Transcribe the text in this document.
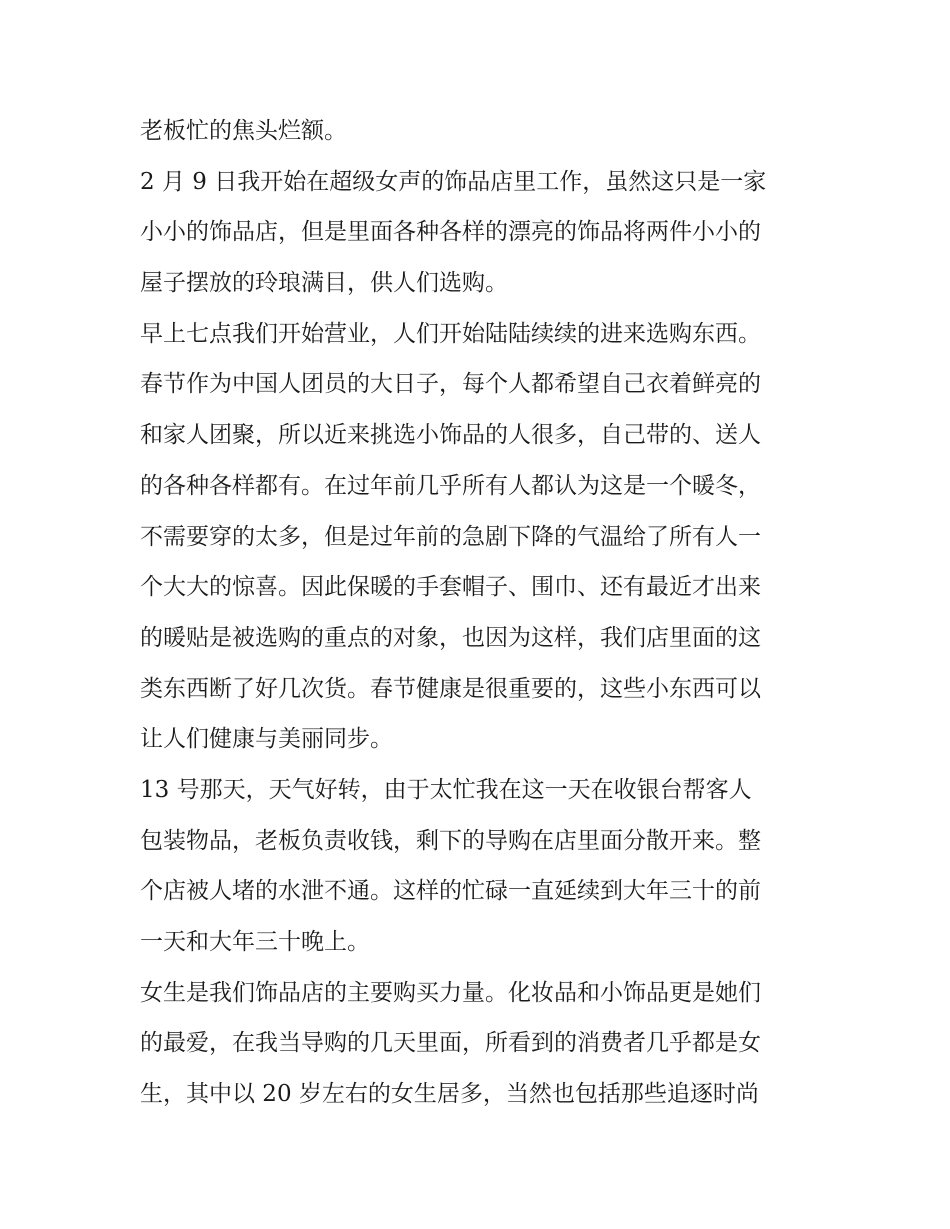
老板忙的焦头烂额。
2 月 9 日我开始在超级女声的饰品店里工作，虽然这只是一家
小小的饰品店，但是里面各种各样的漂亮的饰品将两件小小的
屋子摆放的玲琅满目，供人们选购。
早上七点我们开始营业，人们开始陆陆续续的进来选购东西。
春节作为中国人团员的大日子，每个人都希望自己衣着鲜亮的
和家人团聚，所以近来挑选小饰品的人很多，自己带的、送人
的各种各样都有。在过年前几乎所有人都认为这是一个暖冬，
不需要穿的太多，但是过年前的急剧下降的气温给了所有人一
个大大的惊喜。因此保暖的手套帽子、围巾、还有最近才出来
的暖贴是被选购的重点的对象，也因为这样，我们店里面的这
类东西断了好几次货。春节健康是很重要的，这些小东西可以
让人们健康与美丽同步。
13 号那天，天气好转，由于太忙我在这一天在收银台帮客人
包装物品，老板负责收钱，剩下的导购在店里面分散开来。整
个店被人堵的水泄不通。这样的忙碌一直延续到大年三十的前
一天和大年三十晚上。
女生是我们饰品店的主要购买力量。化妆品和小饰品更是她们
的最爱，在我当导购的几天里面，所看到的消费者几乎都是女
生，其中以 20 岁左右的女生居多，当然也包括那些追逐时尚
